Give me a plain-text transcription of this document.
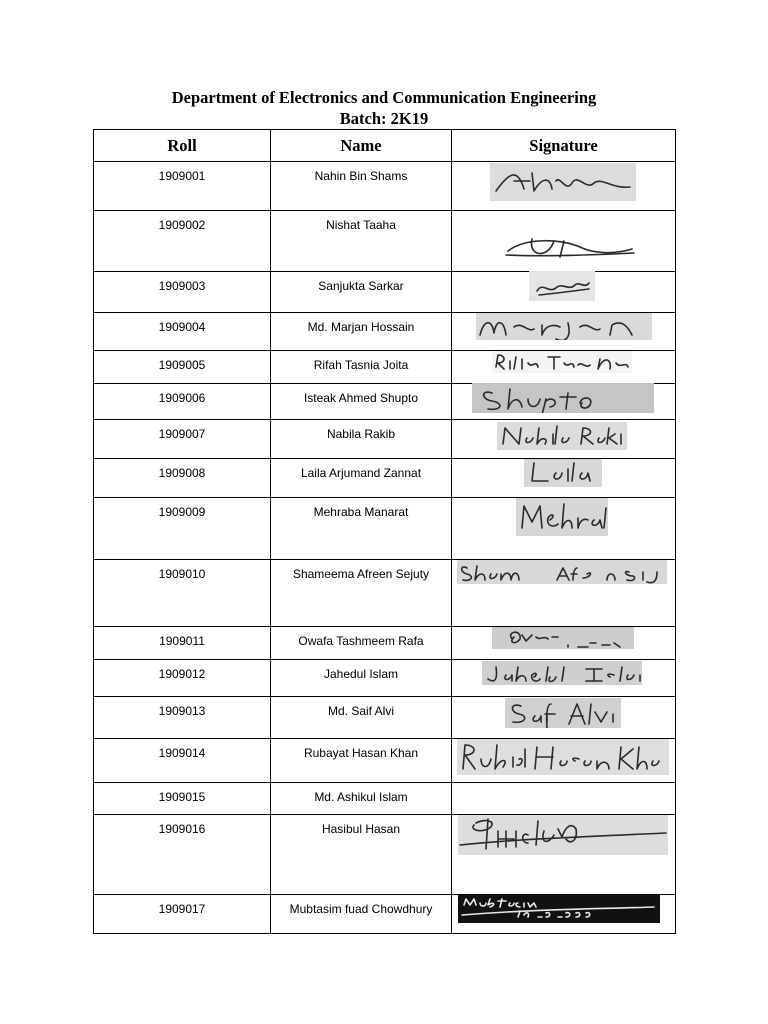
Department of Electronics and Communication Engineering
Batch: 2K19
Roll	Name	Signature
1909001	Nahin Bin Shams	

1909002	Nishat Taaha	

1909003	Sanjukta Sarkar	

1909004	Md. Marjan Hossain	

1909005	Rifah Tasnia Joita	

1909006	Isteak Ahmed Shupto	

1909007	Nabila Rakib	

1909008	Laila Arjumand Zannat	

1909009	Mehraba Manarat	

1909010	Shameema Afreen Sejuty	

1909011	Owafa Tashmeem Rafa	

1909012	Jahedul Islam	

1909013	Md. Saif Alvi	

1909014	Rubayat Hasan Khan	

1909015	Md. Ashikul Islam	
1909016	Hasibul Hasan	

1909017	Mubtasim fuad Chowdhury	
